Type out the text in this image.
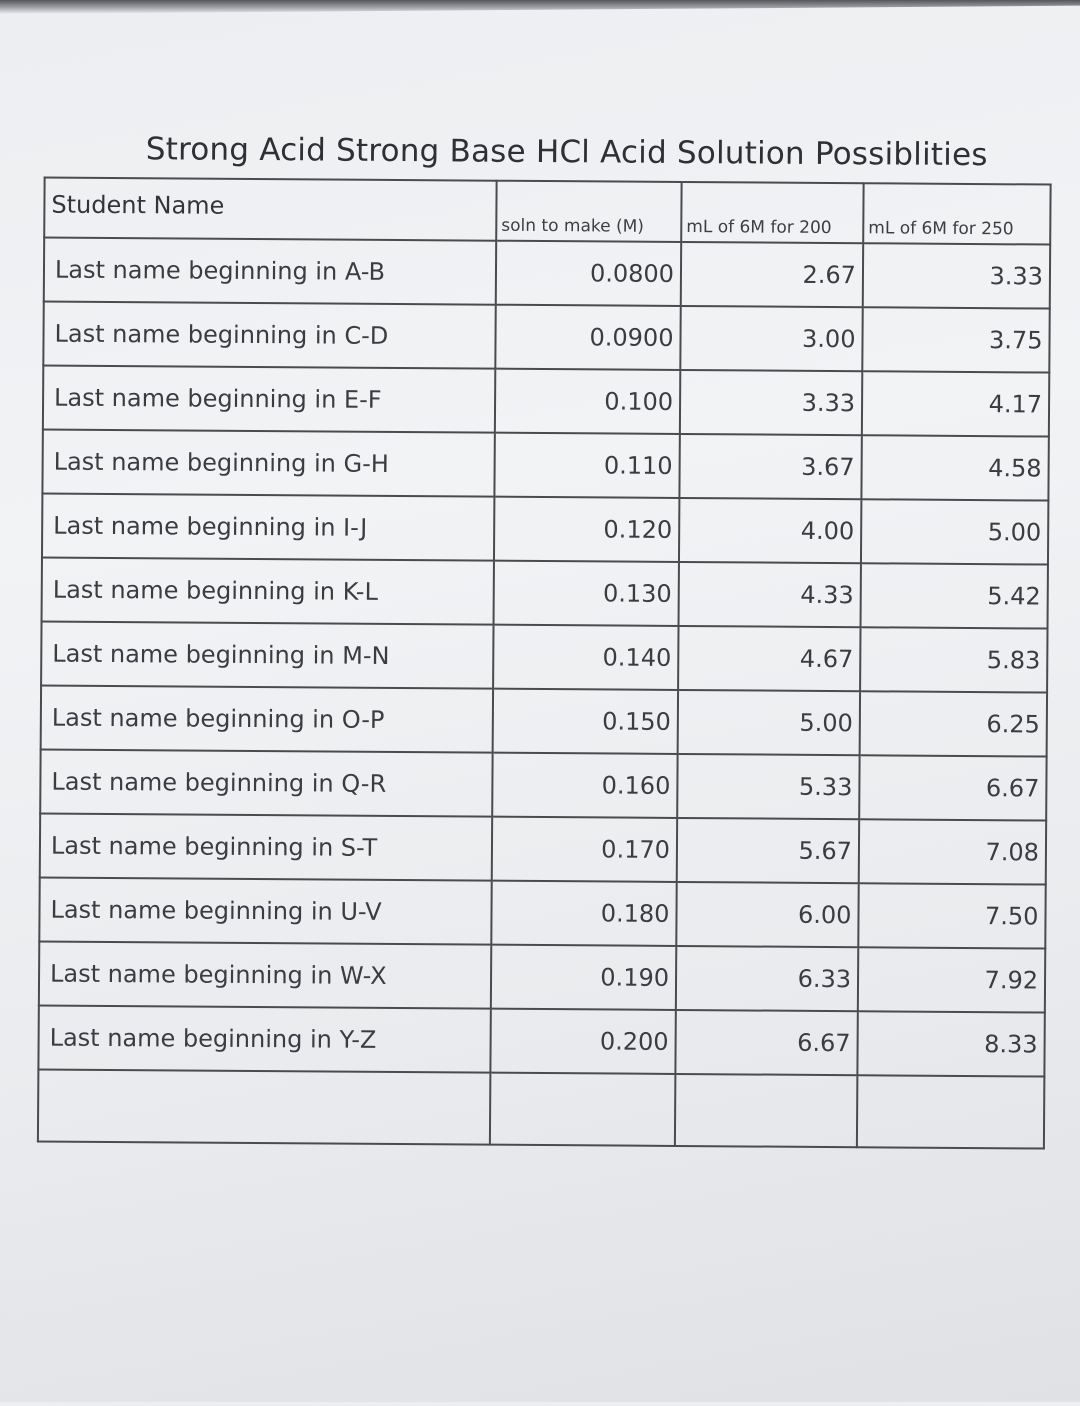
Strong Acid Strong Base HCl Acid Solution Possiblities
Student Name	soln to make (M)	mL of 6M for 200	mL of 6M for 250
Last name beginning in A-B	0.0800	2.67	3.33
Last name beginning in C-D	0.0900	3.00	3.75
Last name beginning in E-F	0.100	3.33	4.17
Last name beginning in G-H	0.110	3.67	4.58
Last name beginning in I-J	0.120	4.00	5.00
Last name beginning in K-L	0.130	4.33	5.42
Last name beginning in M-N	0.140	4.67	5.83
Last name beginning in O-P	0.150	5.00	6.25
Last name beginning in Q-R	0.160	5.33	6.67
Last name beginning in S-T	0.170	5.67	7.08
Last name beginning in U-V	0.180	6.00	7.50
Last name beginning in W-X	0.190	6.33	7.92
Last name beginning in Y-Z	0.200	6.67	8.33
